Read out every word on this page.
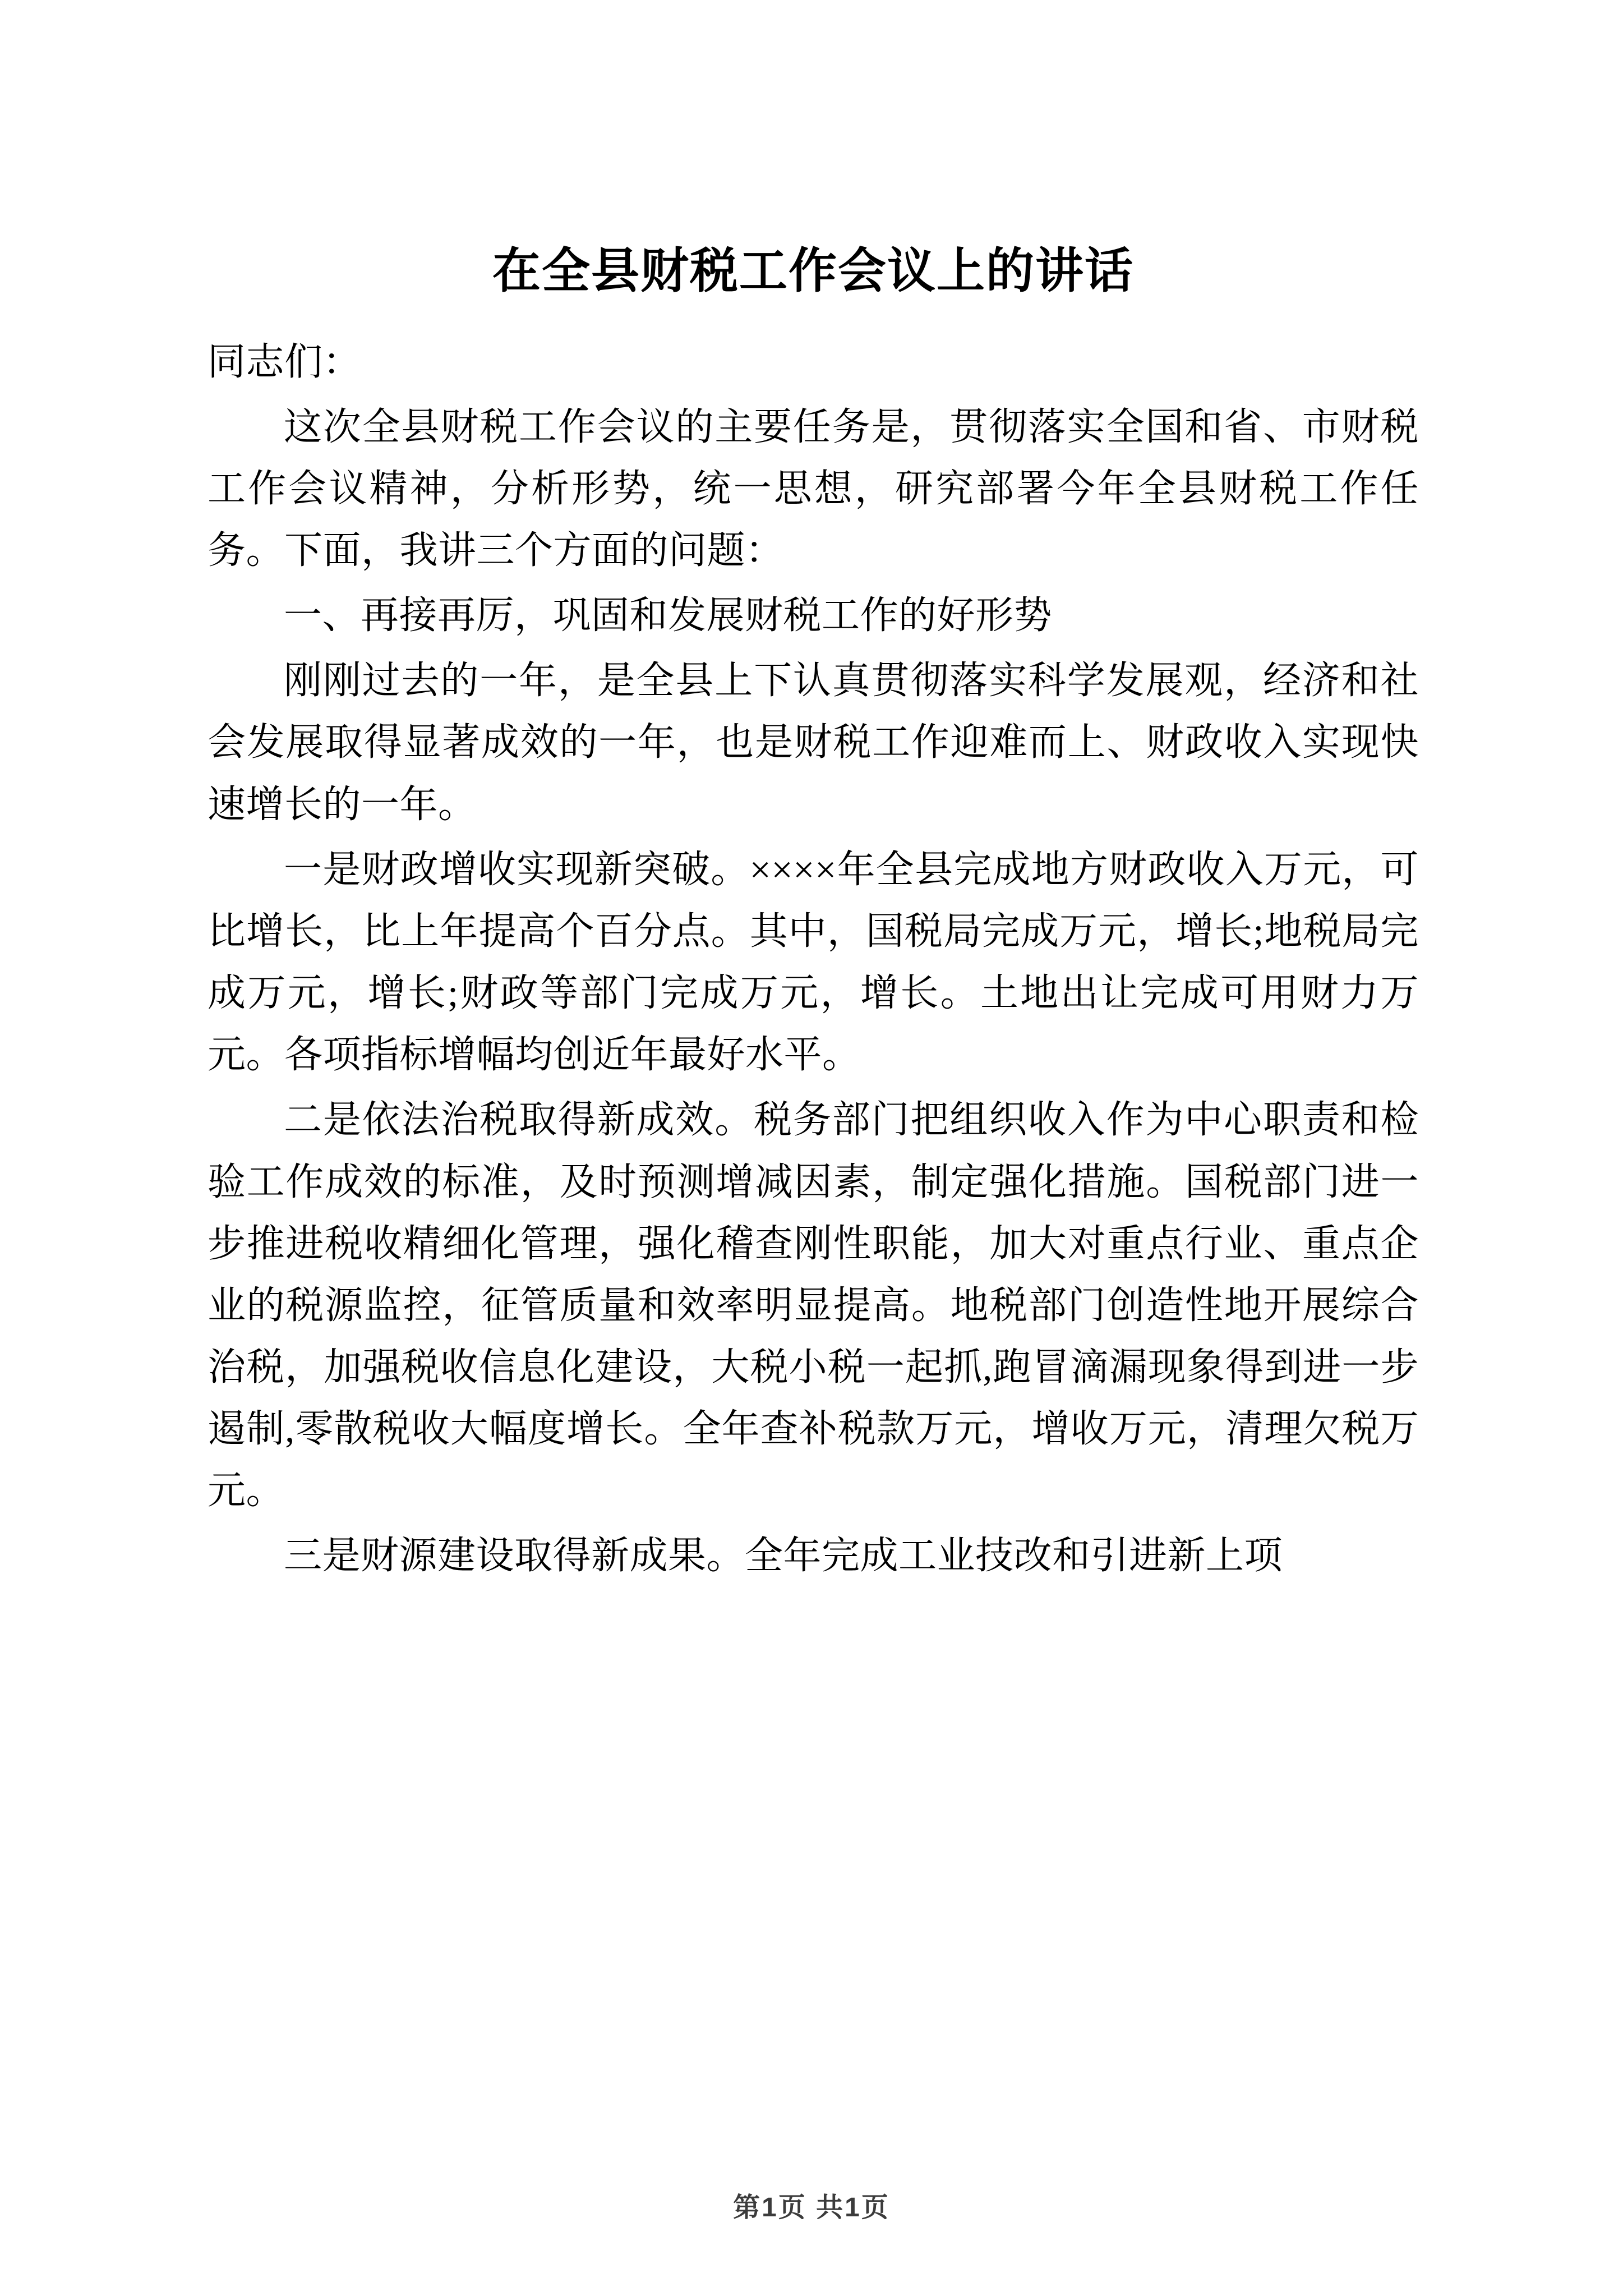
在全县财税工作会议上的讲话

同志们：

这次全县财税工作会议的主要任务是，贯彻落实全国和省、市财税工作会议精神，分析形势，统一思想，研究部署今年全县财税工作任务。下面，我讲三个方面的问题：

一、再接再厉，巩固和发展财税工作的好形势

刚刚过去的一年，是全县上下认真贯彻落实科学发展观，经济和社会发展取得显著成效的一年，也是财税工作迎难而上、财政收入实现快速增长的一年。

一是财政增收实现新突破。××××年全县完成地方财政收入万元，可比增长，比上年提高个百分点。其中，国税局完成万元，增长;地税局完成万元，增长;财政等部门完成万元，增长。土地出让完成可用财力万元。各项指标增幅均创近年最好水平。

二是依法治税取得新成效。税务部门把组织收入作为中心职责和检验工作成效的标准，及时预测增减因素，制定强化措施。国税部门进一步推进税收精细化管理，强化稽查刚性职能，加大对重点行业、重点企业的税源监控，征管质量和效率明显提高。地税部门创造性地开展综合治税，加强税收信息化建设，大税小税一起抓,跑冒滴漏现象得到进一步遏制,零散税收大幅度增长。全年查补税款万元，增收万元，清理欠税万元。

三是财源建设取得新成果。全年完成工业技改和引进新上项

第1页 共1页
